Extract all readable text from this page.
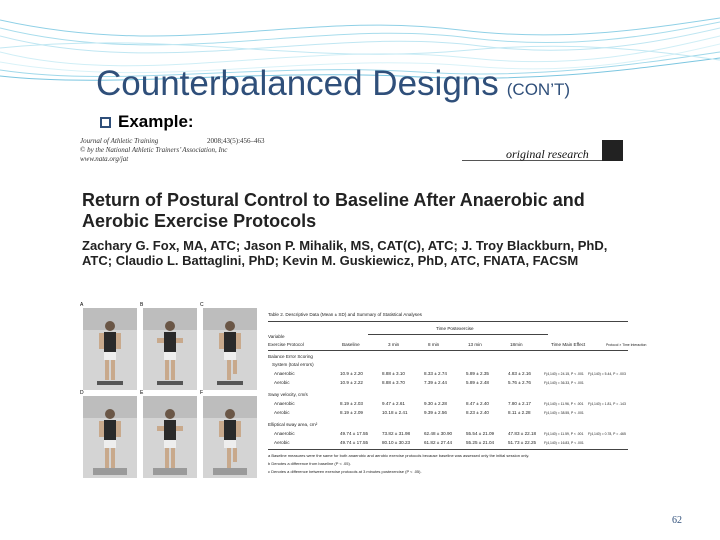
Counterbalanced Designs (CON’T)
Example:
Journal of Athletic Training
© by the National Athletic Trainers’ Association, Inc
www.nata.org/jat
2008;43(5):456–463
original research
Return of Postural Control to Baseline After Anaerobic and Aerobic Exercise Protocols
Zachary G. Fox, MA, ATC; Jason P. Mihalik, MS, CAT(C), ATC; J. Troy Blackburn, PhD, ATC; Claudio L. Battaglini, PhD; Kevin M. Guskiewicz, PhD, ATC, FNATA, FACSM
A	B	C
D	E	F
Table 2. Descriptive Data (Mean ± SD) and Summary of Statistical Analyses
Time Postexercise
Variable
Exercise Protocol	Baseline	3 min	8 min	13 min	18min	Time Main Effect	Protocol × Time Interaction
Balance Error Scoring
System (total errors)
Anaerobic	10.9 ± 2.20	8.88 ± 3.10	8.33 ± 2.74	5.89 ± 2.35	4.83 ± 2.16	F(4,140) = 24.15, P < .001 F(4,140) = 5.44, P = .003
Aerobic	10.9 ± 2.22	8.88 ± 3.70	7.39 ± 2.44	5.89 ± 2.48	5.76 ± 2.76	F(4,140) = 36.33, P < .001
Sway velocity, cm/s
Anaerobic	8.19 ± 2.03	9.47 ± 2.61	9.30 ± 2.28	8.47 ± 2.40	7.80 ± 2.17	F(4,140) = 11.96, P < .001 F(4,140) = 1.81, P = .143
Aerobic	8.19 ± 2.09	10.18 ± 2.41	9.39 ± 2.56	8.23 ± 2.40	8.11 ± 2.28	F(4,140) = 38.55, P < .001
Elliptical sway area, cm²
Anaerobic	49.74 ± 17.55	73.82 ± 31.98	62.48 ± 30.90	55.54 ± 21.09	47.83 ± 22.18 F(4,140) = 11.59, P < .001 F(4,140) = 0.78, P = .465
Aerobic	49.74 ± 17.55	80.10 ± 30.23	61.82 ± 27.44	55.25 ± 21.04	51.73 ± 22.25 F(4,140) = 16.83, P < .001
a Baseline measures were the same for both anaerobic and aerobic exercise protocols because baseline was assessed only the initial session only.
b Denotes a difference from baseline (P < .05).
c Denotes a difference between exercise protocols at 3 minutes postexercise (P < .05).
62
